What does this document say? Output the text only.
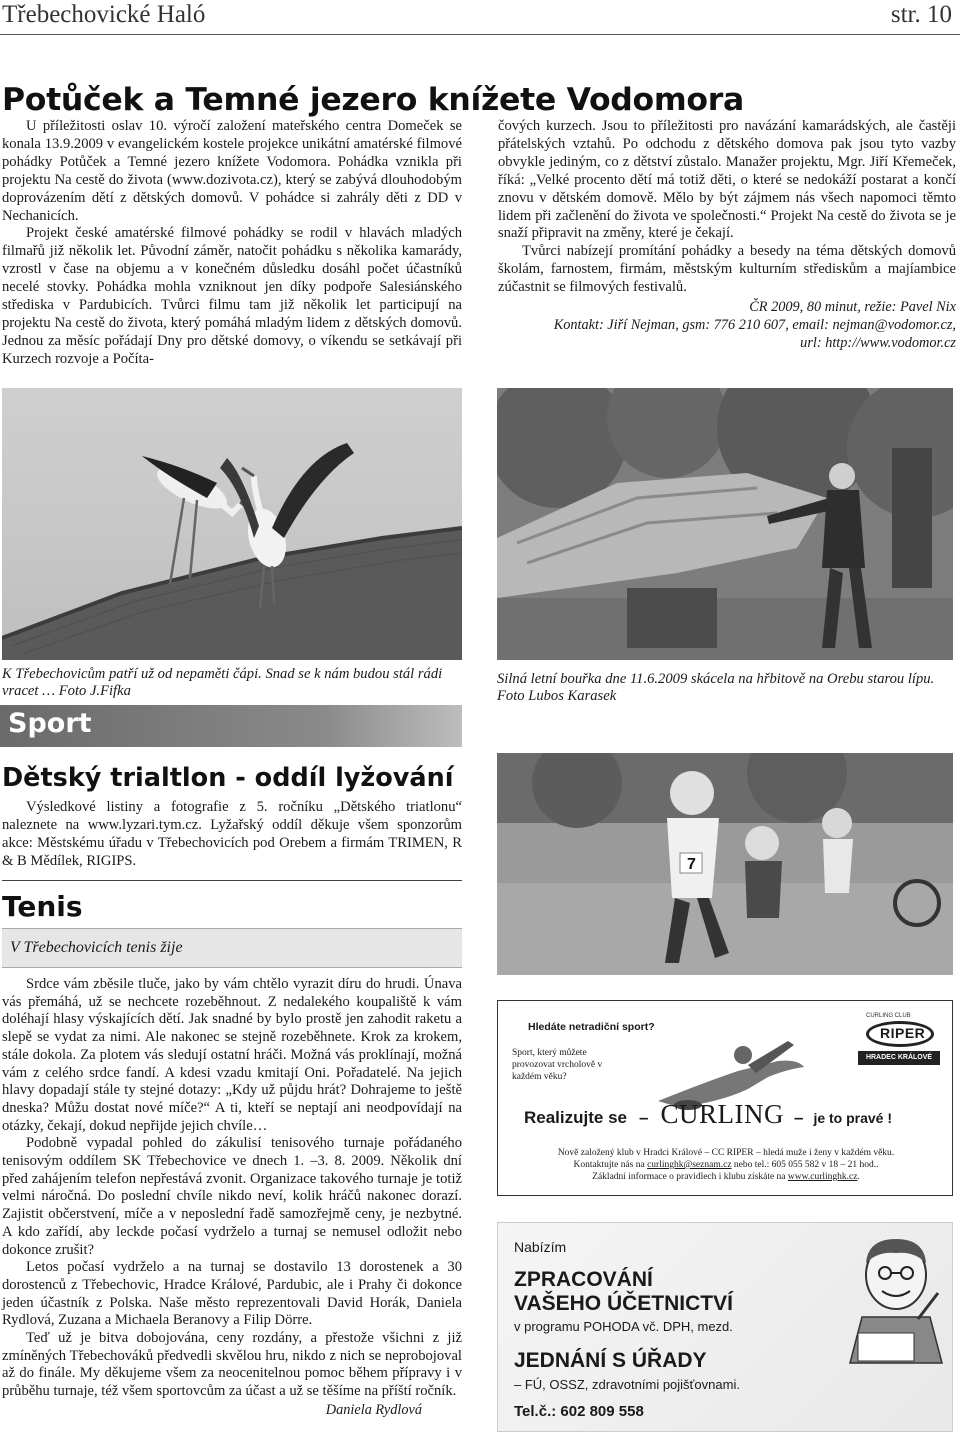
Třebechovické Haló	str. 10
Potůček a Temné jezero knížete Vodomora

U příležitosti oslav 10. výročí založení mateřského centra Domeček se konala 13.9.2009 v evangelickém kostele projekce unikátní amatérské filmové pohádky Potůček a Temné jezero knížete Vodomora. Pohádka vznikla při projektu Na cestě do života (www.dozivota.cz), který se zabývá dlouhodobým doprovázením dětí z dětských domovů. V pohádce si zahrály děti z DD v Nechanicích.

Projekt české amatérské filmové pohádky se rodil v hlavách mladých filmařů již několik let. Původní záměr, natočit pohádku s několika kamarády, vzrostl v čase na objemu a v konečném důsledku dosáhl počet účastníků necelé stovky. Pohádka mohla vzniknout jen díky podpoře Salesiánského střediska v Pardubicích. Tvůrci filmu tam již několik let participují na projektu Na cestě do života, který pomáhá mladým lidem z dětských domovů. Jednou za měsíc pořádají Dny pro dětské domovy, o víkendu se setkávají při Kurzech rozvoje a Počíta-

čových kurzech. Jsou to příležitosti pro navázání kamarádských, ale častěji přátelských vztahů. Po odchodu z dětského domova pak jsou tyto vazby obvykle jediným, co z dětství zůstalo. Manažer projektu, Mgr. Jiří Křemeček, říká: „Velké procento dětí má totiž děti, o které se nedokáží postarat a končí znovu v dětském domově. Mělo by být zájmem nás všech napomoci těmto lidem při začlenění do života ve společnosti.“ Projekt Na cestě do života se je snaží připravit na změny, které je čekají.

Tvůrci nabízejí promítání pohádky a besedy na téma dětských domovů školám, farnostem, firmám, městským kulturním střediskům a majíambice zúčastnit se filmových festivalů.

ČR 2009, 80 minut, režie: Pavel Nix
Kontakt: Jiří Nejman, gsm: 776 210 607, email: nejman@vodomor.cz,
url: http://www.vodomor.cz
K Třebechovicům patří už od nepaměti čápi. Snad se k nám budou stál rádi vracet … Foto J.Fifka
Silná letní bouřka dne 11.6.2009 skácela na hřbitově na Orebu starou lípu. Foto Lubos Karasek
Sport
Dětský trialtlon - oddíl lyžování

Výsledkové listiny a fotografie z 5. ročníku „Dětského triatlonu“ naleznete na www.lyzari.tym.cz. Lyžařský oddíl děkuje všem sponzorům akce: Městskému úřadu v Třebechovicích pod Orebem a firmám TRIMEN, R & B Mědílek, RIGIPS.

Tenis
V Třebechovicích tenis žije

Srdce vám zběsile tluče, jako by vám chtělo vyrazit díru do hrudi. Únava vás přemáhá, už se nechcete rozeběhnout. Z nedalekého koupaliště k vám doléhají hlasy výskajících dětí. Jak snadné by bylo prostě jen zahodit raketu a slepě se vydat za nimi. Ale nakonec se stejně rozeběhnete. Krok za krokem, stále dokola. Za plotem vás sledují ostatní hráči. Možná vás proklínají, možná vám z celého srdce fandí. A kdesi vzadu kmitají Oni. Pořadatelé. Na jejich hlavy dopadají stále ty stejné dotazy: „Kdy už půjdu hrát? Dohrajeme to ještě dneska? Můžu dostat nové míče?“ A ti, kteří se neptají ani neodpovídají na otázky, čekají, dokud nepřijde jejich chvíle…

Podobně vypadal pohled do zákulisí tenisového turnaje pořádaného tenisovým oddílem SK Třebechovice ve dnech 1. –3. 8. 2009. Několik dní před zahájením telefon nepřestává zvonit. Organizace takového turnaje je totiž velmi náročná. Do poslední chvíle nikdo neví, kolik hráčů nakonec dorazí. Zajistit občerstvení, míče a v neposlední řadě samozřejmě ceny, je nezbytné. A kdo zařídí, aby leckde počasí vydrželo a turnaj se nemusel odložit nebo dokonce zrušit?

Letos počasí vydrželo a na turnaj se dostavilo 13 dorostenek a 30 dorostenců z Třebechovic, Hradce Králové, Pardubic, ale i Prahy či dokonce jeden účastník z Polska. Naše město reprezentovali David Horák, Daniela Rydlová, Zuzana a Michaela Beranovy a Filip Dörre.

Teď už je bitva dobojována, ceny rozdány, a přestože všichni z již zmíněných Třebechováků předvedli skvělou hru, nikdo z nich se neprobojoval až do finále. My děkujeme všem za neocenitelnou pomoc během přípravy i v průběhu turnaje, též všem sportovcům za účast a už se těšíme na příští ročník.

Daniela Rydlová
7
Hledáte netradiční sport?
Sport, který můžete provozovat vrcholově v každém věku?
CURLING CLUB
RIPER
HRADEC KRÁLOVÉ
Realizujte se – CURLING – je to pravé !
Nově založený klub v Hradci Králové – CC RIPER – hledá muže i ženy v každém věku.
Kontaktujte nás na curlinghk@seznam.cz nebo tel.: 605 055 582 v 18 – 21 hod..
Základní informace o pravidlech i klubu získáte na www.curlinghk.cz.
Nabízím
ZPRACOVÁNÍ
VAŠEHO ÚČETNICTVÍ
v programu POHODA vč. DPH, mezd.
JEDNÁNÍ S ÚŘADY
– FÚ, OSSZ, zdravotními pojišťovnami.
Tel.č.: 602 809 558
